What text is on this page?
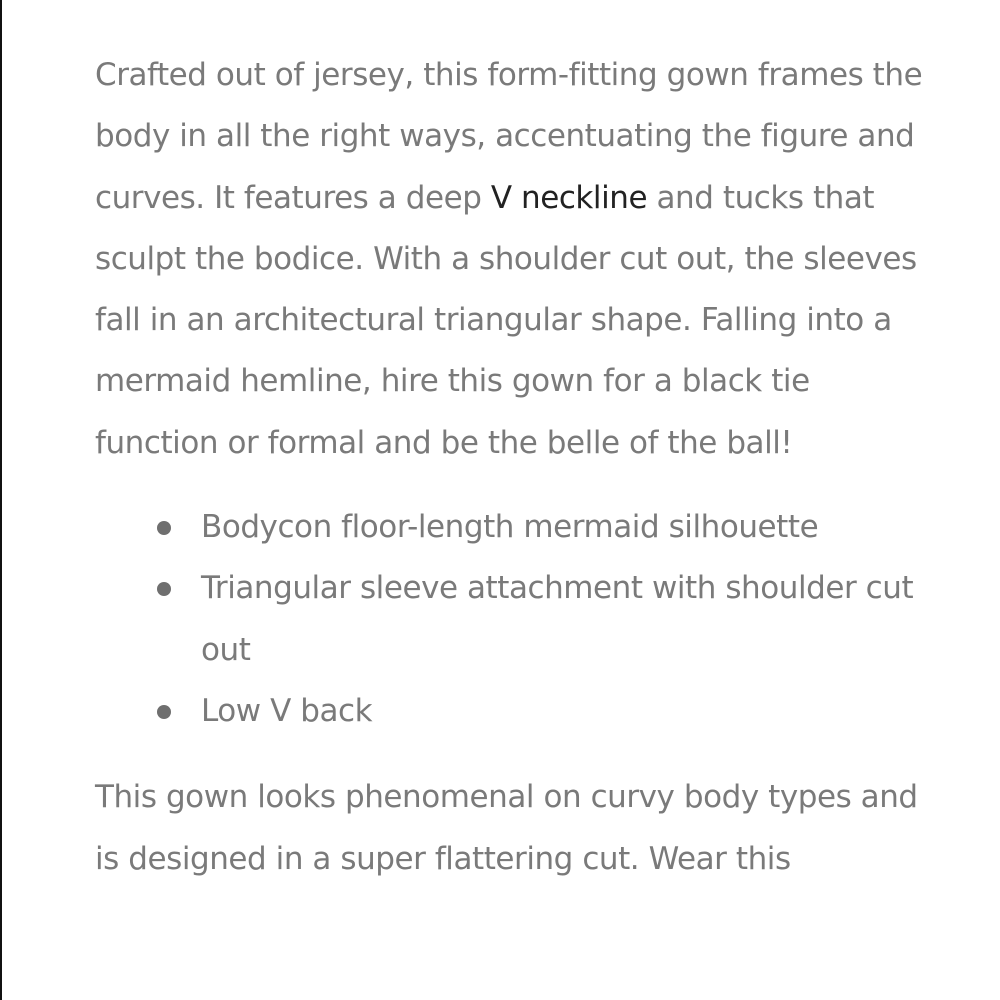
Crafted out of jersey, this form-fitting gown frames the body in all the right ways, accentuating the figure and curves. It features a deep V neckline and tucks that sculpt the bodice. With a shoulder cut out, the sleeves fall in an architectural triangular shape. Falling into a mermaid hemline, hire this gown for a black tie function or formal and be the belle of the ball!

Bodycon floor-length mermaid silhouette
Triangular sleeve attachment with shoulder cut out
Low V back

This gown looks phenomenal on curvy body types and is designed in a super flattering cut. Wear this
